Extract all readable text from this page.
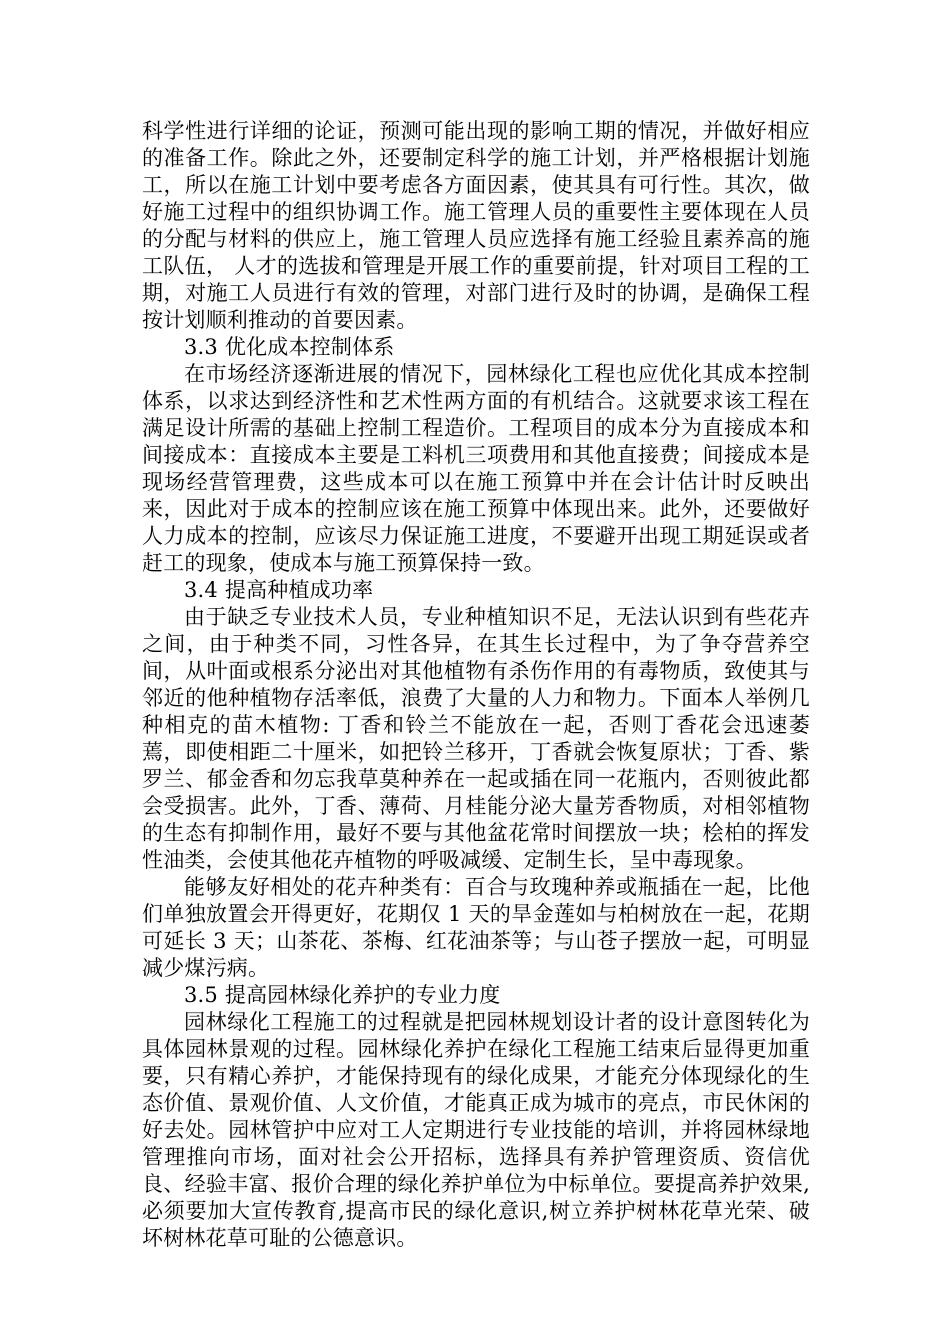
科学性进行详细的论证，预测可能出现的影响工期的情况，并做好相应的准备工作。除此之外，还要制定科学的施工计划，并严格根据计划施工，所以在施工计划中要考虑各方面因素，使其具有可行性。其次，做好施工过程中的组织协调工作。施工管理人员的重要性主要体现在人员的分配与材料的供应上，施工管理人员应选择有施工经验且素养高的施工队伍， 人才的选拔和管理是开展工作的重要前提，针对项目工程的工期，对施工人员进行有效的管理，对部门进行及时的协调，是确保工程按计划顺利推动的首要因素。

3.3 优化成本控制体系

在市场经济逐渐进展的情况下，园林绿化工程也应优化其成本控制体系，以求达到经济性和艺术性两方面的有机结合。这就要求该工程在满足设计所需的基础上控制工程造价。工程项目的成本分为直接成本和间接成本：直接成本主要是工料机三项费用和其他直接费；间接成本是现场经营管理费，这些成本可以在施工预算中并在会计估计时反映出来，因此对于成本的控制应该在施工预算中体现出来。此外，还要做好人力成本的控制，应该尽力保证施工进度，不要避开出现工期延误或者赶工的现象，使成本与施工预算保持一致。

3.4 提高种植成功率

由于缺乏专业技术人员，专业种植知识不足，无法认识到有些花卉之间，由于种类不同，习性各异，在其生长过程中，为了争夺营养空间，从叶面或根系分泌出对其他植物有杀伤作用的有毒物质，致使其与邻近的他种植物存活率低，浪费了大量的人力和物力。下面本人举例几种相克的苗木植物: 丁香和铃兰不能放在一起，否则丁香花会迅速萎蔫，即使相距二十厘米，如把铃兰移开，丁香就会恢复原状；丁香、紫罗兰、郁金香和勿忘我草莫种养在一起或插在同一花瓶内，否则彼此都会受损害。此外，丁香、薄荷、月桂能分泌大量芳香物质，对相邻植物的生态有抑制作用，最好不要与其他盆花常时间摆放一块；桧柏的挥发性油类，会使其他花卉植物的呼吸减缓、定制生长，呈中毒现象。

能够友好相处的花卉种类有：百合与玫瑰种养或瓶插在一起，比他们单独放置会开得更好，花期仅 1 天的旱金莲如与柏树放在一起，花期可延长 3 天；山茶花、茶梅、红花油茶等；与山苍子摆放一起，可明显减少煤污病。

3.5 提高园林绿化养护的专业力度

园林绿化工程施工的过程就是把园林规划设计者的设计意图转化为具体园林景观的过程。园林绿化养护在绿化工程施工结束后显得更加重要，只有精心养护，才能保持现有的绿化成果，才能充分体现绿化的生态价值、景观价值、人文价值，才能真正成为城市的亮点，市民休闲的好去处。园林管护中应对工人定期进行专业技能的培训，并将园林绿地管理推向市场，面对社会公开招标，选择具有养护管理资质、资信优良、经验丰富、报价合理的绿化养护单位为中标单位。要提高养护效果,必须要加大宣传教育,提高市民的绿化意识,树立养护树林花草光荣、破坏树林花草可耻的公德意识。
